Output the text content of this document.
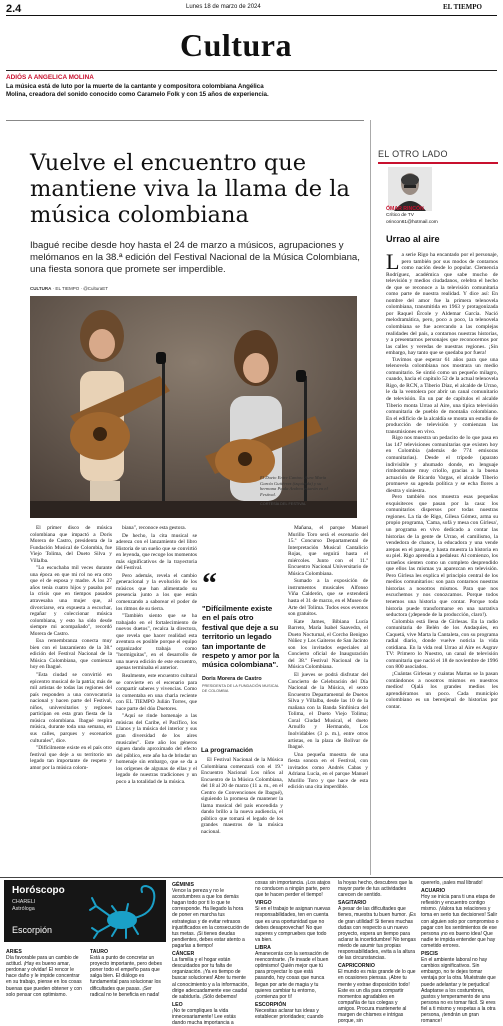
2.4	Lunes 18 de marzo de 2024	EL TIEMPO
Cultura
ADIÓS A ANGELICA MOLINA
La música está de luto por la muerte de la cantante y compositora colombiana Angélica Molina, creadora del sonido conocido como Caramelo Folk y con 15 años de experiencia.
Vuelve el encuentro que mantiene viva la llama de la música colombiana

Ibagué recibe desde hoy hasta el 24 de marzo a músicos, agrupaciones y melómanos en la 38.ª edición del Festival Nacional de la Música Colombiana, una fiesta sonora que promete ser imperdible.

CULTURA · EL TIEMPO · @CulturaET
El Dueto Entre Cantos: Aura María García Gutiérrez (izquierda) y su hermana Paula Andrea estarán en el Festival.
CORTESÍA DEL FESTIVAL

El primer disco de música colombiana que impactó a Doris Morera de Castro, presidenta de la Fundación Musical de Colombia, fue Viejo Tolima, del Dueto Silva y Villalba.

"Lo escuchaba mil veces durante una época en que mi rol no era otro que el de esposa y madre. A los 27 años tenía cuatro hijos y pasaba por la crisis que en tiempos pasados atravesaba una mujer que, al divorciarse, era expuesta a escuchar, regañar y coleccionar música colombiana, y esto ha sido desde siempre mi acompañado", recordó Morera de Castro.

Esa remembranza conecta muy bien con el lanzamiento de la 38.ª edición del Festival Nacional de la Música Colombiana, que comienza hoy en Ibagué.

"Esta ciudad se convirtió en epicentro musical de la patria; más de mil artistas de todas las regiones del país responden a una convocatoria nacional y hacen parte del Festival, niños, universitarios y regiones participan en esta gran fiesta de la música colombiana. Ibagué respira música, durante toda una semana, en sus calles, parques y escenarios culturales", dice.

"Difícilmente existe en el país otro festival que deje a su territorio un legado tan importante de respeto y amor por la música colom-

biana", reconoce esta gestora.

De hecho, la cita musical se adereza con el lanzamiento del libro Historia de un sueño que se convirtió en leyenda, que recoge los momentos más significativos de la trayectoria del Festival.

Pero además, revela el cambio generacional y la evolución de los músicos que han alimentado su presencia junto a los que están comenzando a saborear el poder de los ritmos de su tierra.

"También siento que se ha trabajado en el fortalecimiento de nuevos duetos", recalca la directora, que revela que hacer realidad esta aventura es posible porque el equipo organizador trabaja como "hormiguitas", en el desarrollo de una nueva edición de este encuentro, apenas terminaba el anterior.

Realmente, este encuentro cultural se convierte en el escenario para compartir saberes y vivencias. Como lo comentaba en una charla reciente con EL TIEMPO Julián Torres, que hace parte del dúo Duetores.

"Aquí se rinde homenaje a las músicas del Caribe, el Pacífico, los Llanos y la música del interior y sus gran diversidad de los aires musicales". Este año los géneros siguen dando aproximado del efecto del público, este año ha de brindar un homenaje sin embargo, que se da a los orígenes de algunas de ellas y el legado de nuestras tradiciones y un poco a la totalidad de la música.

“
"Difícilmente existe en el país otro festival que deje a su territorio un legado tan importante de respeto y amor por la música colombiana".
Doris Morera de Castro
PRESIDENTA DE LA FUNDACIÓN MUSICAL DE COLOMBIA
La programación

El Festival Nacional de la Música Colombiana comenzará con el 19.º Encuentro Nacional Los niños al Encuentro de la Música Colombiana, del 18 al 20 de marzo (11 a. m., en el Centro de Convenciones de Ibagué), siguiendo la promesa de mantener la llama musical del país encendida y dando brillo a la nueva audiencia, el público que tomará el legado de los grandes maestros de la música nacional.

Mañana, el parque Manuel Murillo Toro será el escenario del 15.º Concurso Departamental de Interpretación Musical Cantalicio Rojas, que seguirá hasta el miércoles. Junto con el 11.º Encuentro Nacional Universitario de Música Colombiana.

Sumado a la exposición de instrumentos musicales Alfonso Viña Calderón, que se extenderá hasta el 31 de marzo, en el Museo de Arte del Tolima. Todos esos eventos son gratuitos.

Kate James, Bibiana Lucía Barreto, María Isabel Saavedra, el Dueto Nocturnal, el Corcho Benigno Núñez y Los Gaiteros de San Jacinto son los invitados especiales al Concierto oficial de Inauguración del 38.º Festival Nacional de la Música Colombiana.

El jueves se podrá disfrutar del Concierto de Celebración del Día Nacional de la Música, el sexto Encuentro Departamental de Duetos Silva y Villalba, desde las 10 de la mañana con la Banda Sinfónica del Tolima, el Dueto Viejo Tolima; Coral Ciudad Musical, el dueto Arnulfo y Hermando, Los Inolvidables (3 p. m.), entre otros artistas, en la plaza de Bolívar de Ibagué.

Una pequeña muestra de una fiesta sonora en el Festival, con invitados como Andrés Cabas y Adriana Lucía, en el parque Manuel Murillo Toro y que hace de esta edición una cita imperdible.

EL OTRO LADO
ÓMAR RINCÓN
Crítico de TV
orincon61@hotmail.com
Urrao al aire

La serie Rigo ha encantado por el personaje, pero también por sus modos de contarnos como nación desde lo popular. Clemencia Rodríguez, académica que sabe mucho de televisión y medios ciudadanos, celebra el hecho de que se reconoce a la televisión comunitaria como parte de nuestra realidad. Y dice así: En nombre del amor fue la primera telenovela colombiana, transmitida en 1963 y protagonizada por Raquel Ércole y Aldemar García. Nació melodramática, pero, poco a poco, la telenovela colombiana se fue acercando a las complejas realidades del país, a contarnos nuestras historias, y a presentarnos personajes que reconocemos por las calles y veredas de nuestras regiones. ¡Sin embargo, hay tanto que se quedaba por fuera!

Tuvimos que esperar 61 años para que una telenovela colombiana nos mostrara un medio comunitario. Se sintió como un pequeño milagro, cuando, hacia el capítulo 52 de la actual telenovela Rigo, de RCN, a Tiberio Díaz, el alcalde de Urrao, le da la ventolera por abrir un canal comunitario de televisión. En un par de capítulos el alcalde Tiberio monta Urrao al Aire, una típica televisión comunitaria de pueblo de montaña colombiano. En el edificio de la alcaldía se monta un estudio de producción de televisión y comienzan las transmisiones en vivo.

Rigo nos muestra un pedacito de lo que pasa en las 147 televisiones comunitarias que existen hoy en Colombia (además de 774 emisoras comunitarias). Desde el trípode (aparato indivisible y ahumado donde, en lenguaje rimbombante muy criollo, gracias a la buena actuación de Ricardo Vargas, el alcalde Tiberio promueve su agenda política y se echa flores a diestra y siniestra.

Pero también nos muestra esas pequeñas exquisiteces que pasan por la casa: los comunitarios dispersos por todas nuestras regiones. La tía de Rigo, Gilesa Gómez, arma su propio programa, 'Cama, sofá y mesa con Girlesa', un programa en vivo dedicado a contar las historias de la gente de Urrao, el camilismo, la vendedora de chance, la educadora y una vende arepas en el parque, y hasta muestra la historia en su piel. Rigo aprendía a pedalear. Al comienzo, los urraeños sienten como un completo desprendido que ellos las mismas ya aparezcan en televisión. Pero Girlesa les explica el principio central de los medios comunitarios: son para contarnos nuestras historias a nosotros mismos. Para que nos escuchemos y nos conozcamos. Porque todos tenemos una historia que contar. Porque toda historia puede transformarse en una narrativa seductora (¡depende de la producción, claro!).

Colombia está llena de Girlesas. En la radio comunitaria de Belén de los Andaquíes, en Caquetá, vive Marta la Cantaleta, con su programa radial diario, donde vuelve noticia la vida cotidiana. En la vida real Urrao al Aire es Asgrav TV: Primero lo Nuestro, un canal de televisión comunitaria que nació el 18 de noviembre de 1996 con 800 asociados.

¡Cuántas Girlesas y cuántas Martas se la pasan contándonos a nosotros mismos en nuestros medios! Ojalá los grandes medios les aprendiéramos un poco. Cada municipio colombiano es un berenjenal de historias por contar.

Horóscopo
CHARELI
Astróloga
Escorpión
ARIES
Día favorable para un cambio de actitud. ¡Hay es bueno amar, perdonar y olvidar! El rencor le hace daño y le impide concentrar en su trabajo, piense en los cosas buenas que pueden obtener y con solo pensar con optimismo.
TAURO
Está a punto de concretar un proyecto importante, pero debes poner todo el empeño para que salga bien. El diálogo es fundamental para solucionar los dificultades que pasas. ¡Ser radical no te beneficia en nada!
GÉMINIS
Vence la pereza y no le acostumbres a que los demás hagan todo por ti lo que te corresponde. Ha llegado la hora de poner en marcha tus estrategias y de evitar retrasos injustificados en la consecución de tus metas. ¡Si tienes deudas pendientes, debes estar atento a pagarlas a tiempo!
CÁNCER
La familia y el hogar están descuidados por tu falta de organización. ¡Ya es tiempo de buscar soluciones! Abre tu mente al conocimiento y a la información, dirige adecuadamente ese caudal de sabiduría. ¡Sólo debemos!
LEO
¡No te compliques la vida innecesariamente! Lee estás dando mucha importancia a
cosas sin importancia. ¡Los atajos no conducen a ningún parte, pero que te hacen perder el tiempo!
VIRGO
Si en el trabajo te asignan nuevas responsabilidades, ten en cuenta que es una oportunidad que no debes desaprovechar! No que superes y compruebes que todo va bien.
LIBRA
Amanecerás con la sensación de reencontrarte. ¡Te invade el buen optimismo! Quién mejor que tú para proyectar lo que está pasando, hoy cosas que nunca llegan por arte de magia y tu quieres cambiar tu entorno, ¡comienza por ti!
ESCORPIÓN
Necesitas aclarar tus ideas y establecer prioridades; cuando
la hoyas hecho, descubres que la mayor parte de tus actividades carecen de sentido.
SAGITARIO
A pesar de las dificultades que tienes, muestra tu buen humor. ¡Es de gran utilidad! Si tienes muchas dudas con respecto a un nuevo proyecto, espera un tiempo para aclarar la incertidumbre! No tengas miedo de asumir tus propias responsabilidades, evita a la altura de las circunstancias.
CAPRICORNIO
El mundo es más grande de lo que en ocasiones piensas. ¡Abre tu mente y extrae disposición todo! Este es un día para compartir momentos agradables en compañía de tus colegas y amigos. Procura mantenerte al margen de chismes e intrigas porque, sin
quererlo, ¡sales mal librado!
ACUARIO
Hoy se inicia para ti una etapa de reflexión y encuentro contigo mismo. ¡Valora tus relaciones y toma en serio tus decisiones! Salir con alguien solo por compromiso o pagar con los sentimientos de ese persona ¡no es bueno idea! Que nadie te impida entender que hay cometido errores.
PISCIS
En el ambiente laboral no hay cambios significativos. Sin embargo, no te dejes tomar ventaja por la otra. Muéstrate que puede adelantar y te perjudica! Adaptarse a los costumbres, gustos y temperamento de una persona no es tomar fácil. Si eres fiel a ti mismo y respetas a la otra persona, ¡tendrán un gran romance!
